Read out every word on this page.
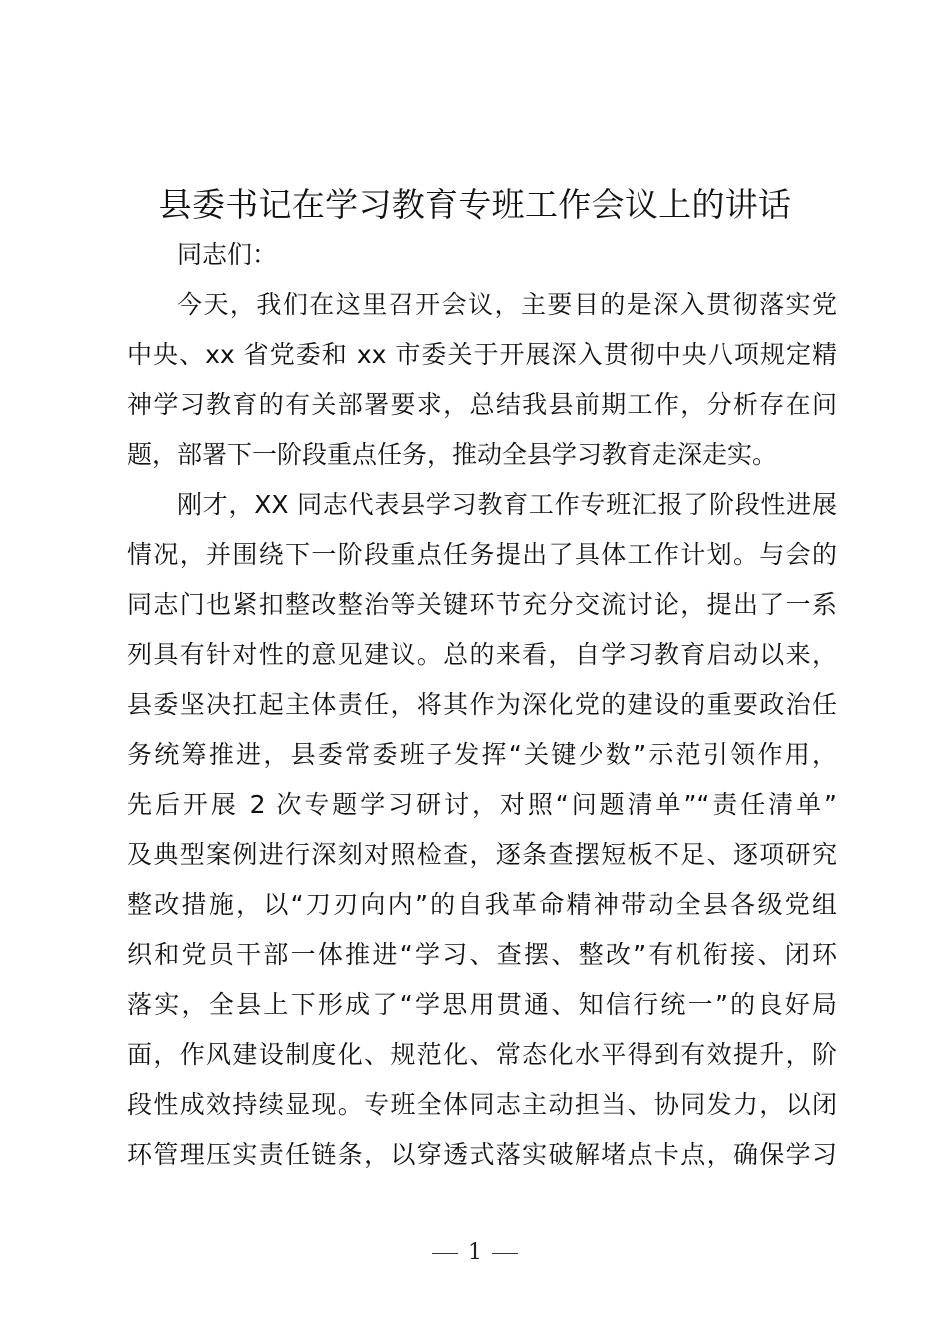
县委书记在学习教育专班工作会议上的讲话
同志们：
今天，我们在这里召开会议，主要目的是深入贯彻落实党
中央、xx 省党委和 xx 市委关于开展深入贯彻中央八项规定精
神学习教育的有关部署要求，总结我县前期工作，分析存在问
题，部署下一阶段重点任务，推动全县学习教育走深走实。
刚才，XX 同志代表县学习教育工作专班汇报了阶段性进展
情况，并围绕下一阶段重点任务提出了具体工作计划。与会的
同志门也紧扣整改整治等关键环节充分交流讨论，提出了一系
列具有针对性的意见建议。总的来看，自学习教育启动以来，
县委坚决扛起主体责任，将其作为深化党的建设的重要政治任
务统筹推进，县委常委班子发挥“关键少数”示范引领作用，
先后开展 2 次专题学习研讨，对照“问题清单”“责任清单”
及典型案例进行深刻对照检查，逐条查摆短板不足、逐项研究
整改措施，以“刀刃向内”的自我革命精神带动全县各级党组
织和党员干部一体推进“学习、查摆、整改”有机衔接、闭环
落实，全县上下形成了“学思用贯通、知信行统一”的良好局
面，作风建设制度化、规范化、常态化水平得到有效提升，阶
段性成效持续显现。专班全体同志主动担当、协同发力，以闭
环管理压实责任链条，以穿透式落实破解堵点卡点，确保学习
1
